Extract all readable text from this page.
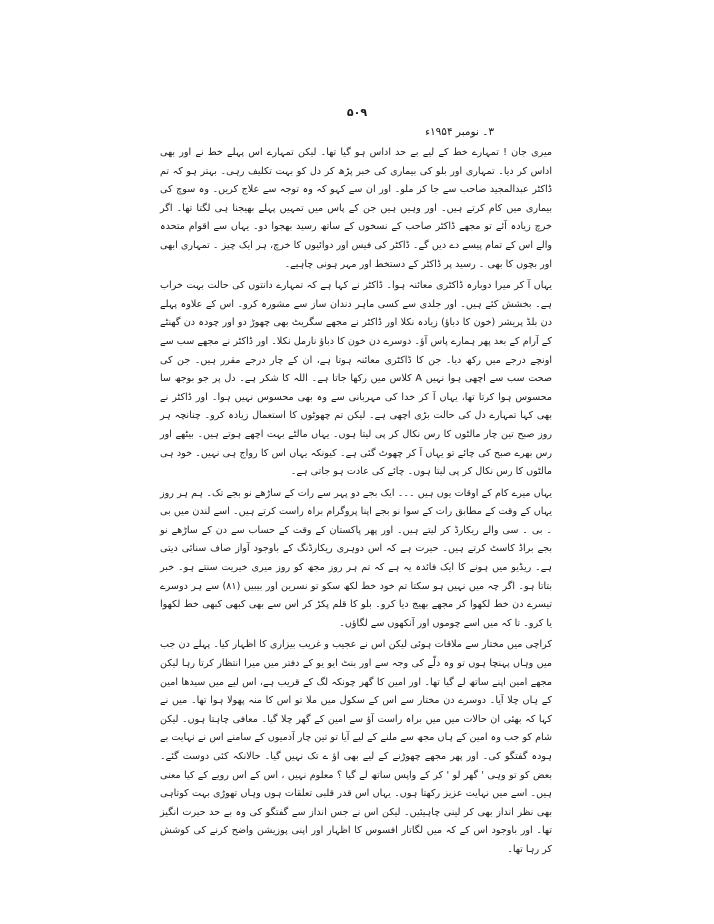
۵۰۹
۳۔ نومبر ۱۹۵۴ء

میری جان ! تمہارے خط کے لیے بے حد اداس ہو گیا تھا۔ لیکن تمہارے اس پہلے خط نے اور بھی اداس کر دیا۔ تمہاری اور بلو کی بیماری کی خبر پڑھ کر دل کو بہت تکلیف رہی۔ بہتر ہو کہ تم ڈاکٹر عبدالمجید صاحب سے جا کر ملو۔ اور ان سے کہو کہ وہ توجہ سے علاج کریں۔ وہ سوچ کی بیماری میں کام کرتے ہیں۔ اور وہیں ہیں جن کے پاس میں تمہیں پہلے بھیجنا ہی لگتا تھا۔ اگر خرچ زیادہ آئے تو مجھے ڈاکٹر صاحب کے نسخوں کے ساتھ رسید بھجوا دو۔ یہاں سے اقوام متحدہ والے اس کے تمام پیسے دے دیں گے۔ ڈاکٹر کی فیس اور دوائیوں کا خرچ، ہر ایک چیز ۔ تمہاری ابھی اور بچوں کا بھی ۔ رسید پر ڈاکٹر کے دستخط اور مہر ہونی چاہیے۔

یہاں آ کر میرا دوبارہ ڈاکٹری معائنہ ہوا۔ ڈاکٹر نے کہا ہے کہ تمہارے دانتوں کی حالت بہت خراب ہے۔ بخشش کئے ہیں۔ اور جلدی سے کسی ماہر دندان ساز سے مشورہ کرو۔ اس کے علاوہ پہلے دن بلڈ پریشر (خون کا دباؤ) زیادہ نکلا اور ڈاکٹر نے مجھے سگریٹ بھی چھوڑ دو اور چودہ دن گھنٹے کے آرام کے بعد پھر ہمارے پاس آؤ۔ دوسرے دن خون کا دباؤ نارمل نکلا۔ اور ڈاکٹر نے مجھے سب سے اونچے درجے میں رکھ دیا۔ جن کا ڈاکٹری معائنہ ہوتا ہے، ان کے چار درجے مقرر ہیں۔ جن کی صحت سب سے اچھی ہوا نہیں A کلاس میں رکھا جاتا ہے۔ اللہ کا شکر ہے۔ دل پر جو بوجھ سا محسوس ہوا کرتا تھا، یہاں آ کر خدا کی مہربانی سے وہ بھی محسوس نہیں ہوا۔ اور ڈاکٹر نے بھی کہا تمہارے دل کی حالت بڑی اچھی ہے۔ لیکن تم چھوٹوں کا استعمال زیادہ کرو۔ چنانچہ ہر روز صبح تین چار مالٹوں کا رس نکال کر پی لیتا ہوں۔ یہاں مالٹے بہت اچھے ہوتے ہیں۔ بیٹھے اور رس بھرے صبح کی چائے تو یہاں آ کر چھوٹ گئی ہے۔ کیونکہ یہاں اس کا رواج ہی نہیں۔ خود ہی مالٹوں کا رس نکال کر پی لیتا ہوں۔ چائے کی عادت ہو جاتی ہے۔

یہاں میرے کام کے اوقات یوں ہیں ۔۔۔ ایک بجے دو پہر سے رات کے ساڑھے نو بجے تک۔ ہم ہر روز یہاں کے وقت کے مطابق رات کے سوا نو بجے اپنا پروگرام براہ راست کرتے ہیں۔ اسے لندن میں بی ۔ بی ۔ سی والے ریکارڈ کر لیتے ہیں۔ اور پھر پاکستان کے وقت کے حساب سے دن کے ساڑھے نو بجے براڈ کاسٹ کرتے ہیں۔ حیرت ہے کہ اس دوہری ریکارڈنگ کے باوجود آواز صاف سنائی دیتی ہے۔ ریڈیو میں ہونے کا ایک فائدہ یہ ہے کہ تم ہر روز مجھ کو روز میری خیریت سنتے ہو۔ خبر بتاتا ہو۔ اگر چہ میں نہیں ہو سکتا تم خود خط لکھ سکو تو نسرین اور بیبیں (۸۱) سے ہر دوسرے تیسرے دن خط لکھوا کر مجھے بھیج دیا کرو۔ بلو کا قلم پکڑ کر اس سے بھی کبھی کبھی خط لکھوا یا کرو۔ تا کہ میں اسے چوموں اور آنکھوں سے لگاؤں۔

کراچی میں مختار سے ملاقات ہوئی لیکن اس نے عجیب و غریب بیزاری کا اظہار کیا۔ پہلے دن جب میں وہاں پہنچا ہوں تو وہ دلّے کی وجہ سے اور بنٹ ایو یو کے دفتر میں میرا انتظار کرتا رہا لیکن مجھے امین اپنے ساتھ لے گیا تھا۔ اور امین کا گھر چونکہ لگ کے قریب ہے، اس لیے میں سیدھا امین کے ہاں چلا آیا۔ دوسرے دن مختار سے اس کے سکول میں ملا تو اس کا منہ پھولا ہوا تھا۔ میں نے کہا کہ بھئی ان حالات میں میں براہ راست آؤ سے امین کے گھر چلا گیا۔ معافی چاہتا ہوں۔ لیکن شام کو جب وہ امین کے ہاں مجھ سے ملنے کے لیے آیا تو تین چار آدمیوں کے سامنے اس نے نہایت بے ہودہ گفتگو کی۔ اور پھر مجھے چھوڑنے کے لیے بھی اؤ ے تک نہیں گیا۔ حالانکہ کئی دوست گئے۔ بعض کو تو وہی ' گھر لو ' کر کے واپس ساتھ لے گیا ؟ معلوم نہیں ، اس کے اس رویے کے کیا معنی ہیں۔ اسے میں نہایت عزیز رکھتا ہوں۔ یہاں اس قدر قلبی تعلقات ہوں وہاں تھوڑی بہت کوتاہی بھی نظر انداز بھی کر لینی چاہیئیں۔ لیکن اس نے جس انداز سے گفتگو کی وہ بے حد حیرت انگیز تھا۔ اور باوجود اس کے کہ میں لگاتار افسوس کا اظہار اور اپنی پوزیشن واضح کرنے کی کوشش کر رہا تھا۔
